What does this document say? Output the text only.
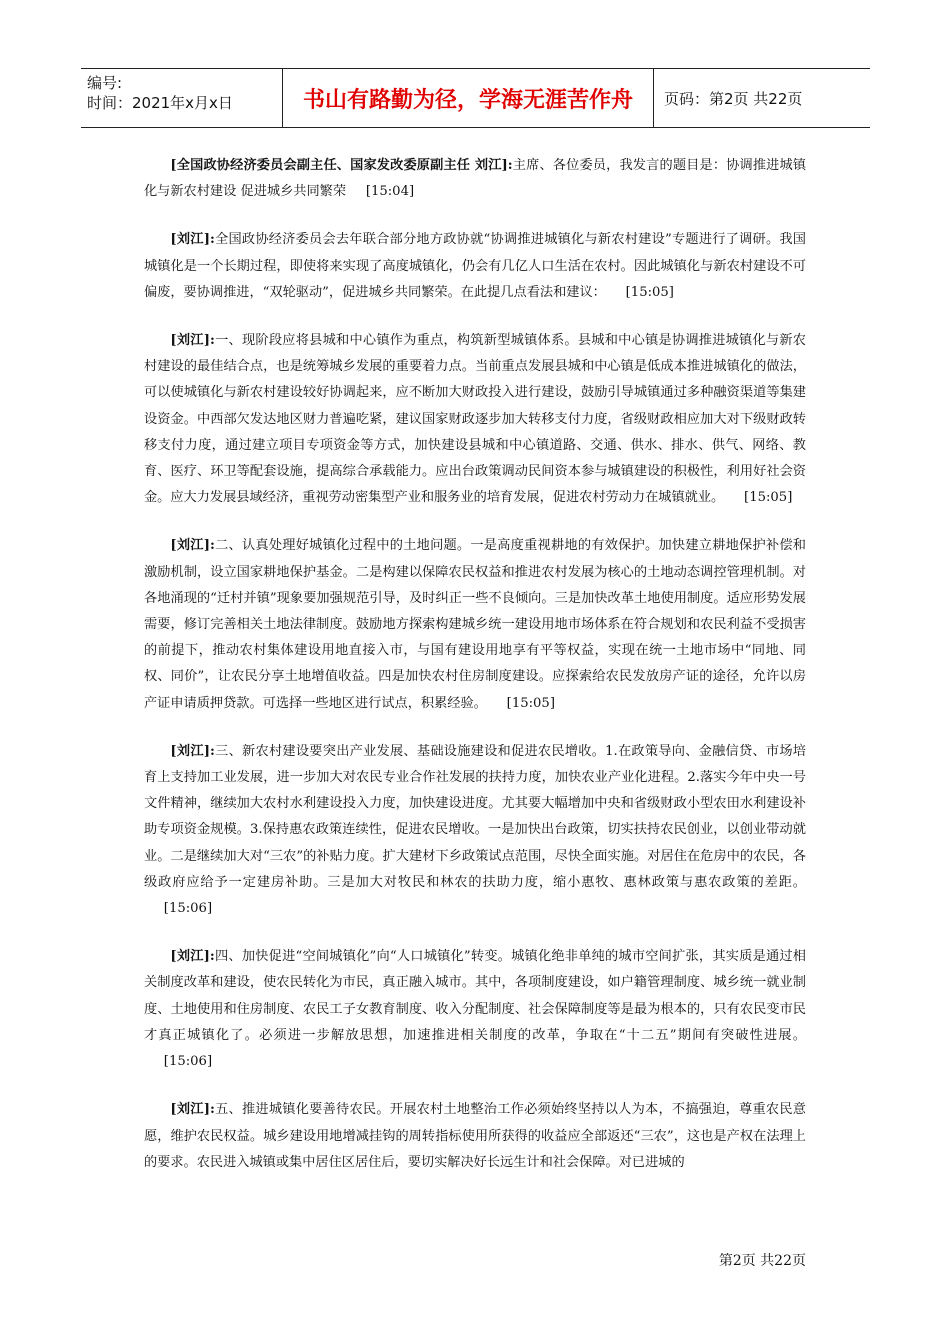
编号:
时间：2021年x月x日	书山有路勤为径，学海无涯苦作舟	页码：第2页 共22页

[全国政协经济委员会副主任、国家发改委原副主任 刘江]:主席、各位委员，我发言的题目是：协调推进城镇化与新农村建设 促进城乡共同繁荣 [15:04]

[刘江]:全国政协经济委员会去年联合部分地方政协就“协调推进城镇化与新农村建设”专题进行了调研。我国城镇化是一个长期过程，即使将来实现了高度城镇化，仍会有几亿人口生活在农村。因此城镇化与新农村建设不可偏废，要协调推进，“双轮驱动”，促进城乡共同繁荣。在此提几点看法和建议： [15:05]

[刘江]:一、现阶段应将县城和中心镇作为重点，构筑新型城镇体系。县城和中心镇是协调推进城镇化与新农村建设的最佳结合点，也是统筹城乡发展的重要着力点。当前重点发展县城和中心镇是低成本推进城镇化的做法，可以使城镇化与新农村建设较好协调起来，应不断加大财政投入进行建设，鼓励引导城镇通过多种融资渠道等集建设资金。中西部欠发达地区财力普遍吃紧，建议国家财政逐步加大转移支付力度，省级财政相应加大对下级财政转移支付力度，通过建立项目专项资金等方式，加快建设县城和中心镇道路、交通、供水、排水、供气、网络、教育、医疗、环卫等配套设施，提高综合承载能力。应出台政策调动民间资本参与城镇建设的积极性，利用好社会资金。应大力发展县域经济，重视劳动密集型产业和服务业的培育发展，促进农村劳动力在城镇就业。 [15:05]

[刘江]:二、认真处理好城镇化过程中的土地问题。一是高度重视耕地的有效保护。加快建立耕地保护补偿和激励机制，设立国家耕地保护基金。二是构建以保障农民权益和推进农村发展为核心的土地动态调控管理机制。对各地涌现的“迁村并镇”现象要加强规范引导，及时纠正一些不良倾向。三是加快改革土地使用制度。适应形势发展需要，修订完善相关土地法律制度。鼓励地方探索构建城乡统一建设用地市场体系在符合规划和农民利益不受损害的前提下，推动农村集体建设用地直接入市，与国有建设用地享有平等权益，实现在统一土地市场中“同地、同权、同价”，让农民分享土地增值收益。四是加快农村住房制度建设。应探索给农民发放房产证的途径，允许以房产证申请质押贷款。可选择一些地区进行试点，积累经验。 [15:05]

[刘江]:三、新农村建设要突出产业发展、基础设施建设和促进农民增收。1.在政策导向、金融信贷、市场培育上支持加工业发展，进一步加大对农民专业合作社发展的扶持力度，加快农业产业化进程。2.落实今年中央一号文件精神，继续加大农村水利建设投入力度，加快建设进度。尤其要大幅增加中央和省级财政小型农田水利建设补助专项资金规模。3.保持惠农政策连续性，促进农民增收。一是加快出台政策，切实扶持农民创业，以创业带动就业。二是继续加大对“三农”的补贴力度。扩大建材下乡政策试点范围，尽快全面实施。对居住在危房中的农民，各级政府应给予一定建房补助。三是加大对牧民和林农的扶助力度，缩小惠牧、惠林政策与惠农政策的差距。[15:06]

[刘江]:四、加快促进“空间城镇化”向“人口城镇化”转变。城镇化绝非单纯的城市空间扩张，其实质是通过相关制度改革和建设，使农民转化为市民，真正融入城市。其中，各项制度建设，如户籍管理制度、城乡统一就业制度、土地使用和住房制度、农民工子女教育制度、收入分配制度、社会保障制度等是最为根本的，只有农民变市民才真正城镇化了。必须进一步解放思想，加速推进相关制度的改革，争取在“十二五”期间有突破性进展。[15:06]

[刘江]:五、推进城镇化要善待农民。开展农村土地整治工作必须始终坚持以人为本，不搞强迫，尊重农民意愿，维护农民权益。城乡建设用地增减挂钩的周转指标使用所获得的收益应全部返还“三农”，这也是产权在法理上的要求。农民进入城镇或集中居住区居住后，要切实解决好长远生计和社会保障。对已进城的

第2页 共22页
